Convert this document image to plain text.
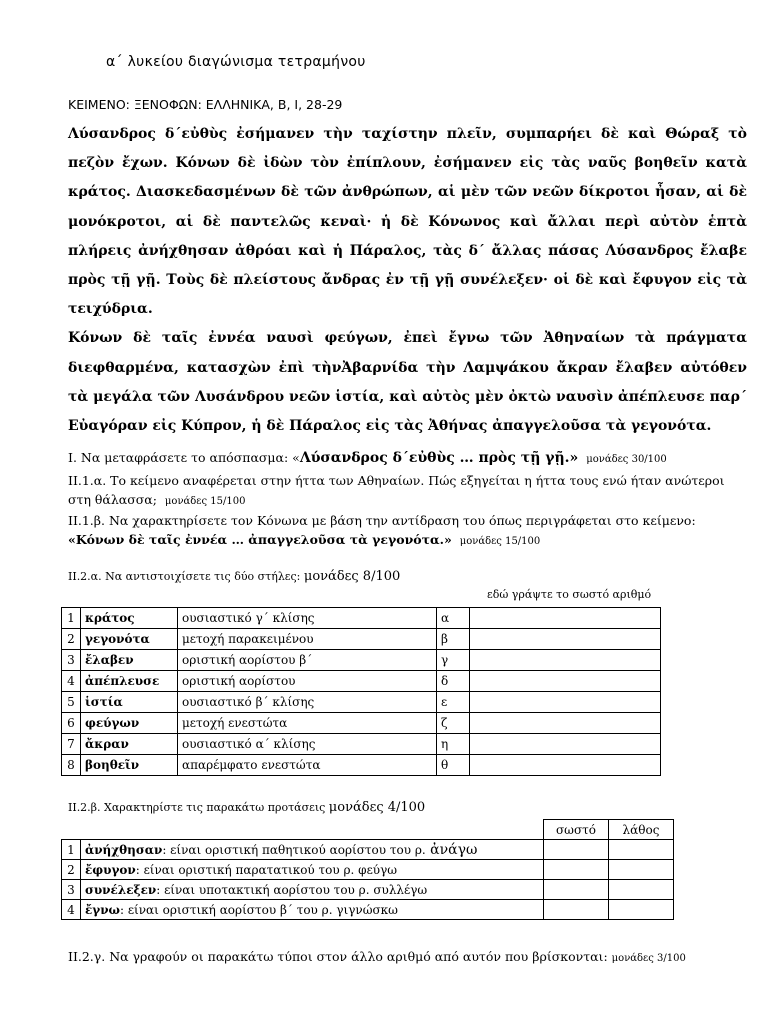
α΄ λυκείου διαγώνισμα τετραμήνου
ΚΕΙΜΕΝΟ: ΞΕΝΟΦΩΝ: ΕΛΛΗΝΙΚΑ, Β, Ι, 28-29

Λύσανδρος δ΄εὐθὺς ἐσήμανεν τὴν ταχίστην πλεῖν, συμπαρήει δὲ καὶ Θώραξ τὸ πεζὸν ἔχων. Κόνων δὲ ἰδὼν τὸν ἐπίπλουν, ἐσήμανεν εἰς τὰς ναῦς βοηθεῖν κατὰ κράτος. Διασκεδασμένων δὲ τῶν ἀνθρώπων, αἱ μὲν τῶν νεῶν δίκροτοι ἦσαν, αἱ δὲ μονόκροτοι, αἱ δὲ παντελῶς κεναὶ· ἡ δὲ Κόνωνος καὶ ἄλλαι περὶ αὐτὸν ἑπτὰ πλήρεις ἀνήχθησαν ἀθρόαι καὶ ἡ Πάραλος, τὰς δ΄ ἄλλας πάσας Λύσανδρος ἔλαβε πρὸς τῇ γῇ. Τοὺς δὲ πλείστους ἄνδρας ἐν τῇ γῇ συνέλεξεν· οἱ δὲ καὶ ἔφυγον εἰς τὰ τειχύδρια.

Κόνων δὲ ταῖς ἐννέα ναυσὶ φεύγων, ἐπεὶ ἔγνω τῶν Ἀθηναίων τὰ πράγματα διεφθαρμένα, κατασχὼν ἐπὶ τὴνἈβαρνίδα τὴν Λαμψάκου ἄκραν ἔλαβεν αὐτόθεν τὰ μεγάλα τῶν Λυσάνδρου νεῶν ἱστία, καὶ αὐτὸς μὲν ὀκτὼ ναυσὶν ἀπέπλευσε παρ΄ Εὐαγόραν εἰς Κύπρον, ἡ δὲ Πάραλος εἰς τὰς Ἀθήνας ἀπαγγελοῦσα τὰ γεγονότα.

Ι. Να μεταφράσετε το απόσπασμα: «Λύσανδρος δ΄εὐθὺς … πρὸς τῇ γῇ.» μονάδες 30/100
ΙΙ.1.α. Το κείμενο αναφέρεται στην ήττα των Αθηναίων. Πώς εξηγείται η ήττα τους ενώ ήταν ανώτεροι στη θάλασσα; μονάδες 15/100
ΙΙ.1.β. Να χαρακτηρίσετε τον Κόνωνα με βάση την αντίδραση του όπως περιγράφεται στο κείμενο:
«Κόνων δὲ ταῖς ἐννέα … ἀπαγγελοῦσα τὰ γεγονότα.» μονάδες 15/100
ΙΙ.2.α. Να αντιστοιχίσετε τις δύο στήλες: μονάδες 8/100
εδώ γράψτε το σωστό αριθμό
1	κράτος	ουσιαστικό γ΄ κλίσης	α	
2	γεγονότα	μετοχή παρακειμένου	β	
3	ἔλαβεν	οριστική αορίστου β΄	γ	
4	ἀπέπλευσε	οριστική αορίστου	δ	
5	ἱστία	ουσιαστικό β΄ κλίσης	ε	
6	φεύγων	μετοχή ενεστώτα	ζ	
7	ἄκραν	ουσιαστικό α΄ κλίσης	η	
8	βοηθεῖν	απαρέμφατο ενεστώτα	θ	
ΙΙ.2.β. Χαρακτηρίστε τις παρακάτω προτάσεις μονάδες 4/100
		σωστό	λάθος
1	ἀνήχθησαν: είναι οριστική παθητικού αορίστου του ρ. ἀνάγω		
2	ἔφυγον: είναι οριστική παρατατικού του ρ. φεύγω		
3	συνέλεξεν: είναι υποτακτική αορίστου του ρ. συλλέγω		
4	ἔγνω: είναι οριστική αορίστου β΄ του ρ. γιγνώσκω		
ΙΙ.2.γ. Να γραφούν οι παρακάτω τύποι στον άλλο αριθμό από αυτόν που βρίσκονται: μονάδες 3/100
